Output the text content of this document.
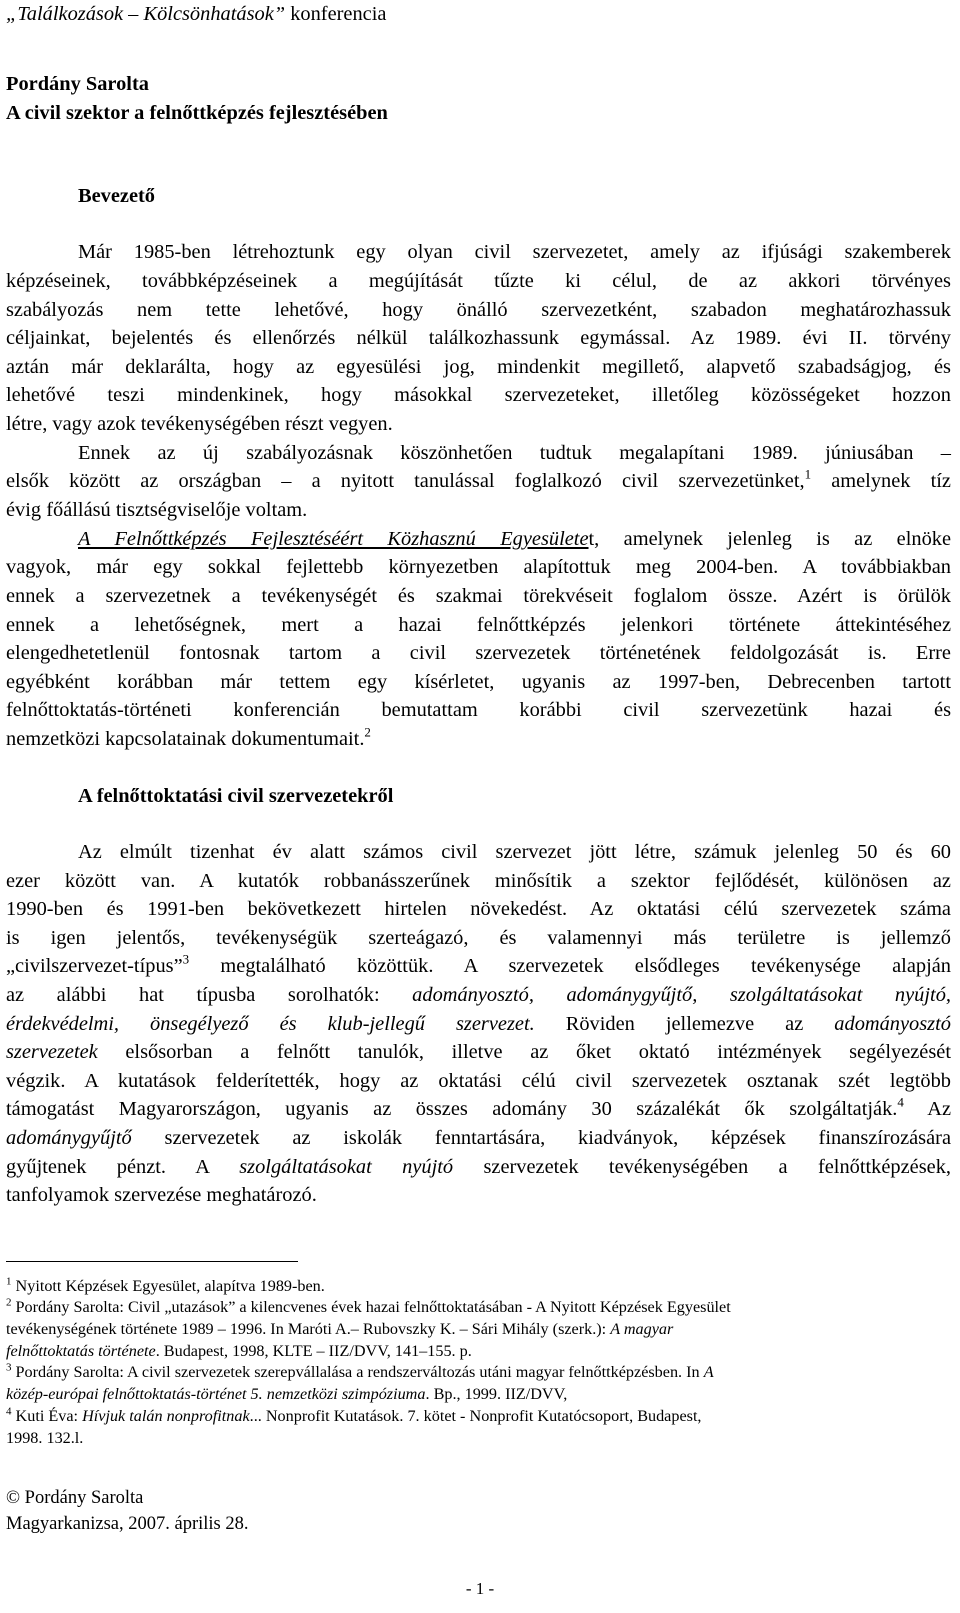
„Találkozások – Kölcsönhatások” konferencia
Pordány Sarolta
A civil szektor a felnőttképzés fejlesztésében
Bevezető
Már 1985-ben létrehoztunk egy olyan civil szervezetet, amely az ifjúsági szakemberek
képzéseinek, továbbképzéseinek a megújítását tűzte ki célul, de az akkori törvényes
szabályozás nem tette lehetővé, hogy önálló szervezetként, szabadon meghatározhassuk
céljainkat, bejelentés és ellenőrzés nélkül találkozhassunk egymással. Az 1989. évi II. törvény
aztán már deklarálta, hogy az egyesülési jog, mindenkit megillető, alapvető szabadságjog, és
lehetővé teszi mindenkinek, hogy másokkal szervezeteket, illetőleg közösségeket hozzon
létre, vagy azok tevékenységében részt vegyen.
Ennek az új szabályozásnak köszönhetően tudtuk megalapítani 1989. júniusában –
elsők között az országban – a nyitott tanulással foglalkozó civil szervezetünket,$^1$ amelynek tíz
évig főállású tisztségviselője voltam.
A Felnőttképzés Fejlesztéséért Közhasznú Egyesületet, amelynek jelenleg is az elnöke
vagyok, már egy sokkal fejlettebb környezetben alapítottuk meg 2004-ben. A továbbiakban
ennek a szervezetnek a tevékenységét és szakmai törekvéseit foglalom össze. Azért is örülök
ennek a lehetőségnek, mert a hazai felnőttképzés jelenkori története áttekintéséhez
elengedhetetlenül fontosnak tartom a civil szervezetek történetének feldolgozását is. Erre
egyébként korábban már tettem egy kísérletet, ugyanis az 1997-ben, Debrecenben tartott
felnőttoktatás-történeti konferencián bemutattam korábbi civil szervezetünk hazai és
nemzetközi kapcsolatainak dokumentumait.$^2$
A felnőttoktatási civil szervezetekről
Az elmúlt tizenhat év alatt számos civil szervezet jött létre, számuk jelenleg 50 és 60
ezer között van. A kutatók robbanásszerűnek minősítik a szektor fejlődését, különösen az
1990-ben és 1991-ben bekövetkezett hirtelen növekedést. Az oktatási célú szervezetek száma
is igen jelentős, tevékenységük szerteágazó, és valamennyi más területre is jellemző
„civilszervezet-típus”$^3$ megtalálható közöttük. A szervezetek elsődleges tevékenysége alapján
az alábbi hat típusba sorolhatók: adományosztó, adománygyűjtő, szolgáltatásokat nyújtó,
érdekvédelmi, önsegélyező és klub-jellegű szervezet. Röviden jellemezve az adományosztó
szervezetek elsősorban a felnőtt tanulók, illetve az őket oktató intézmények segélyezését
végzik. A kutatások felderítették, hogy az oktatási célú civil szervezetek osztanak szét legtöbb
támogatást Magyarországon, ugyanis az összes adomány 30 százalékát ők szolgáltatják.$^4$ Az
adománygyűjtő szervezetek az iskolák fenntartására, kiadványok, képzések finanszírozására
gyűjtenek pénzt. A szolgáltatásokat nyújtó szervezetek tevékenységében a felnőttképzések,
tanfolyamok szervezése meghatározó.
$^1$ Nyitott Képzések Egyesület, alapítva 1989-ben.
$^2$ Pordány Sarolta: Civil „utazások” a kilencvenes évek hazai felnőttoktatásában - A Nyitott Képzések Egyesület
tevékenységének története 1989 – 1996. In Maróti A.– Rubovszky K. – Sári Mihály (szerk.): A magyar
felnőttoktatás története. Budapest, 1998, KLTE – IIZ/DVV, 141–155. p.
$^3$ Pordány Sarolta: A civil szervezetek szerepvállalása a rendszerváltozás utáni magyar felnőttképzésben. In A
közép-európai felnőttoktatás-történet 5. nemzetközi szimpóziuma. Bp., 1999. IIZ/DVV,
$^4$ Kuti Éva: Hívjuk talán nonprofitnak... Nonprofit Kutatások. 7. kötet - Nonprofit Kutatócsoport, Budapest,
1998. 132.l.
© Pordány Sarolta
Magyarkanizsa, 2007. április 28.
- 1 -
